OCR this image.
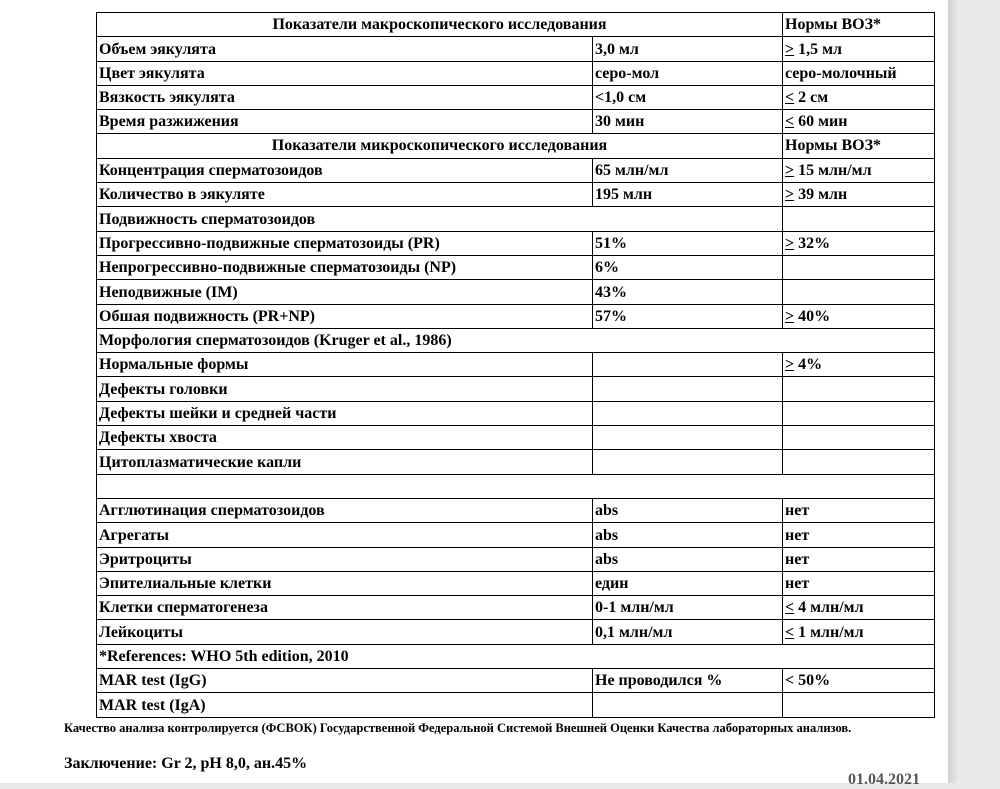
Показатели макроскопического исследования		Нормы ВОЗ*
Объем эякулята	3,0 мл	> 1,5 мл
Цвет эякулята	серо-мол	серо-молочный
Вязкость эякулята	<1,0 см	< 2 см
Время разжижения	30 мин	< 60 мин
Показатели микроскопического исследования		Нормы ВОЗ*
Концентрация сперматозоидов	65 млн/мл	> 15 млн/мл
Количество в эякуляте	195 млн	> 39 млн
Подвижность сперматозоидов		
Прогрессивно-подвижные сперматозоиды (PR)	51%	> 32%
Непрогрессивно-подвижные сперматозоиды (NP)	6%	
Неподвижные (IM)	43%	
Обшая подвижность (PR+NP)	57%	> 40%
Морфология сперматозоидов (Kruger et al., 1986)		
Нормальные формы		> 4%
Дефекты головки		
Дефекты шейки и средней части		
Дефекты хвоста		
Цитоплазматические капли		

Агглютинация сперматозоидов	abs	нет
Агрегаты	abs	нет
Эритроциты	abs	нет
Эпителиальные клетки	един	нет
Клетки сперматогенеза	0-1 млн/мл	< 4 млн/мл
Лейкоциты	0,1 млн/мл	< 1 млн/мл
*References: WHO 5th edition, 2010		
MAR test (IgG)	Не проводился %	< 50%
MAR test (IgA)		
Качество анализа контролируется (ФСВОК) Государственной Федеральной Системой Внешней Оценки Качества лабораторных анализов.
Заключение: Gr 2, pH 8,0, ан.45%
01.04.2021
